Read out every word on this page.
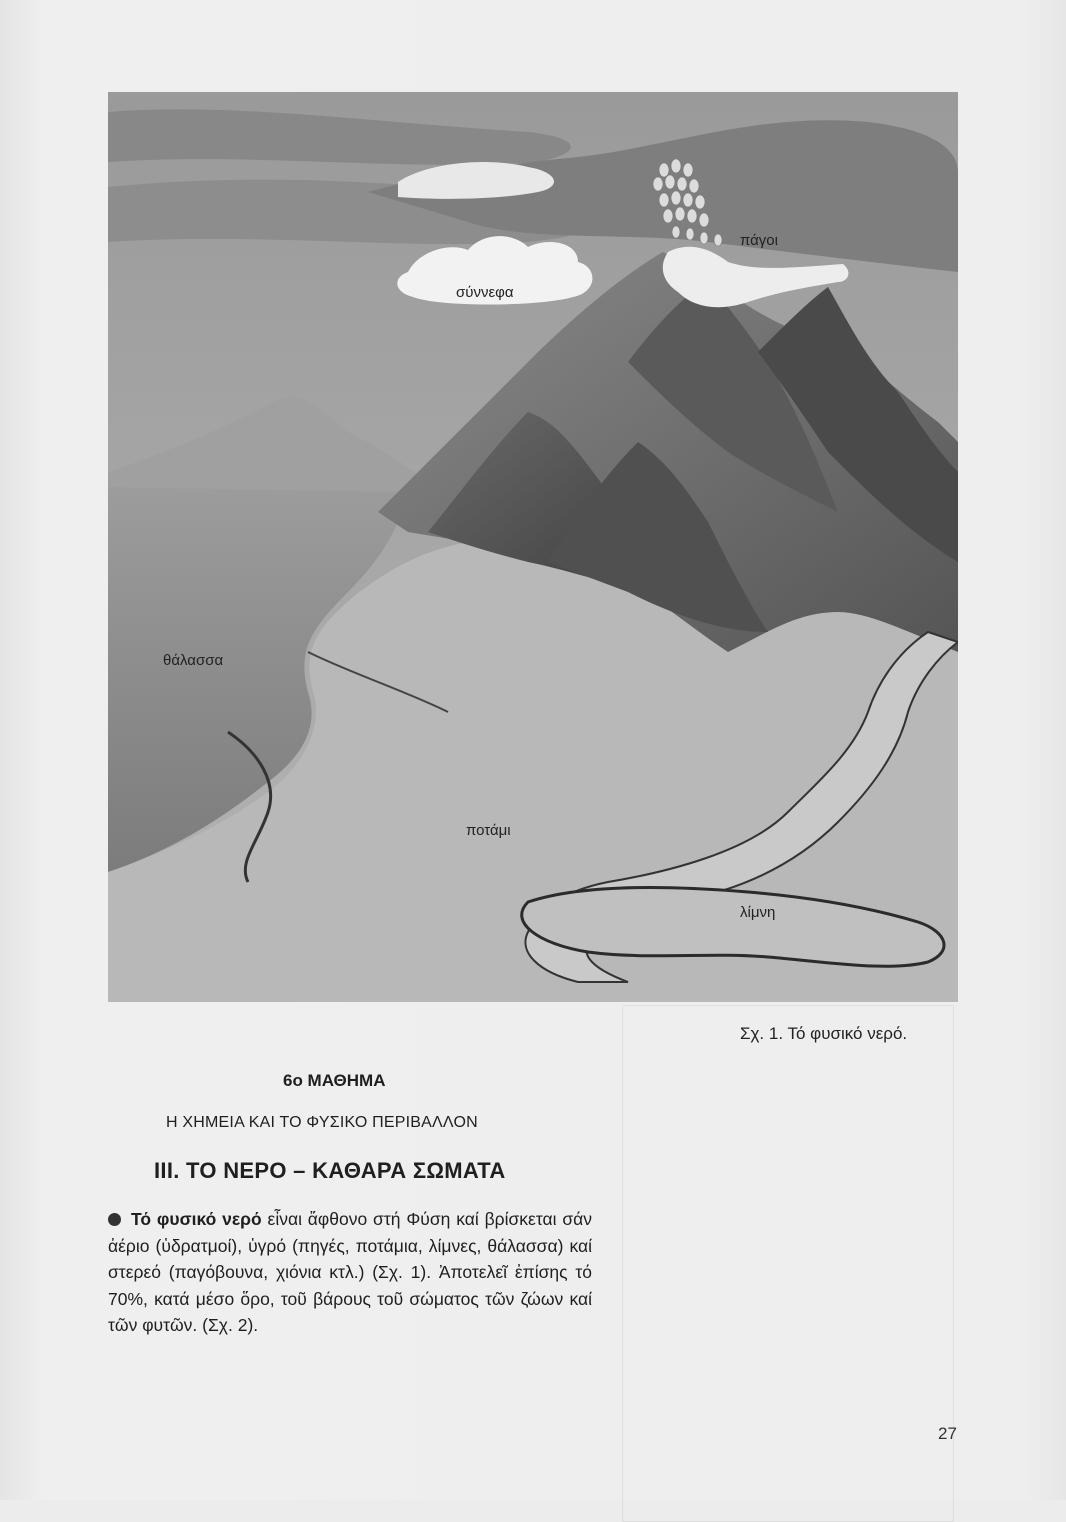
πάγοι
σύννεφα
θάλασσα
ποτάμι
λίμνη
Σχ. 1. Τό φυσικό νερό.
6ο ΜΑΘΗΜΑ
Η ΧΗΜΕΙΑ ΚΑΙ ΤΟ ΦΥΣΙΚΟ ΠΕΡΙΒΑΛΛΟΝ
III. ΤΟ ΝΕΡΟ – ΚΑΘΑΡΑ ΣΩΜΑΤΑ
Τό φυσικό νερό εἶναι ἄφθονο στή Φύση καί βρίσκεται σάν ἀέριο (ὑδρατμοί), ὑγρό (πηγές, ποτάμια, λίμνες, θάλασσα) καί στερεό (παγόβουνα, χιόνια κτλ.) (Σχ. 1). Ἀποτελεῖ ἐπίσης τό 70%, κατά μέσο ὅρο, τοῦ βάρους τοῦ σώματος τῶν ζώων καί τῶν φυτῶν. (Σχ. 2).
27
